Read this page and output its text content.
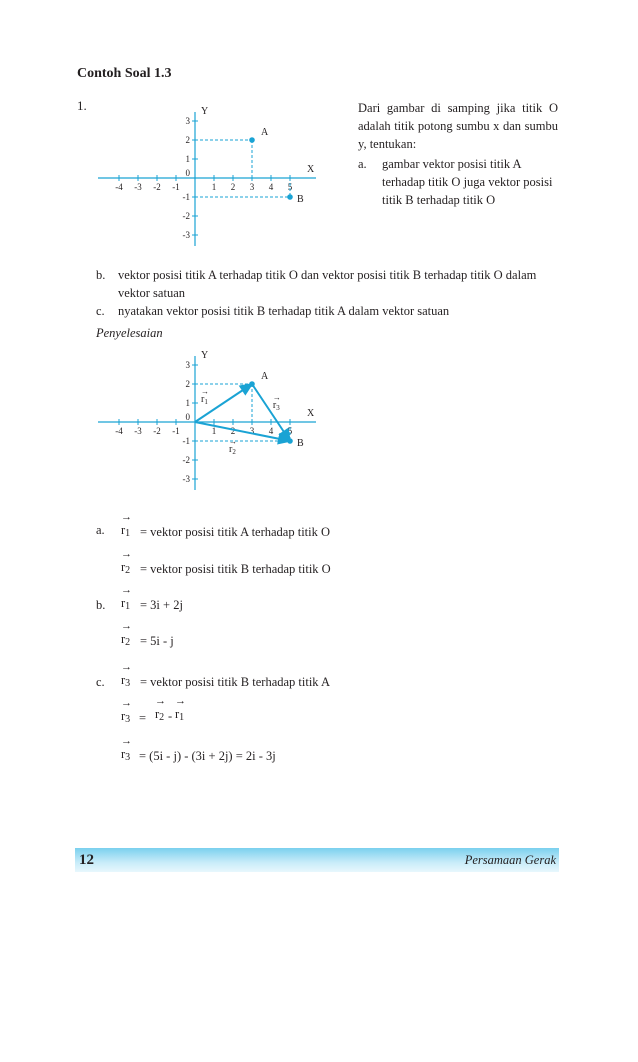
Contoh Soal 1.3
1.
-4 -3 -2 -1	1 2 3 4 5
3
2
1
-1
-2
-3
0	X
Y
A
B
Dari gambar di samping jika titik O adalah titik potong sumbu x dan sumbu y, tentukan:
a. gambar vektor posisi titik A terhadap titik O juga vektor posisi titik B terhadap titik O
b. vektor posisi titik A terhadap titik O dan vektor posisi titik B terhadap titik O dalam vektor satuan
c. nyatakan vektor posisi titik B terhadap titik A dalam vektor satuan
Penyelesaian
-4 -3 -2 -1	1 2 3 4 5
3
2
1
-1
-2
-3
0	X
Y
→
$r_1$
→
$r_2$
→
$r_3$
A
B
a.
→
$r_1$ = vektor posisi titik A terhadap titik O
→
$r_2$ = vektor posisi titik B terhadap titik O
b.
→
$r_1 = 3i + 2j$
→
$r_2 = 5i - j$
c.
→
$r_3$ = vektor posisi titik B terhadap titik A
→
$r_3$ =
→
$r_2$ -
→
$r_1$
→
$r_3 = (5i - j) - (3i + 2j) = 2i - 3j$
12	Persamaan Gerak
